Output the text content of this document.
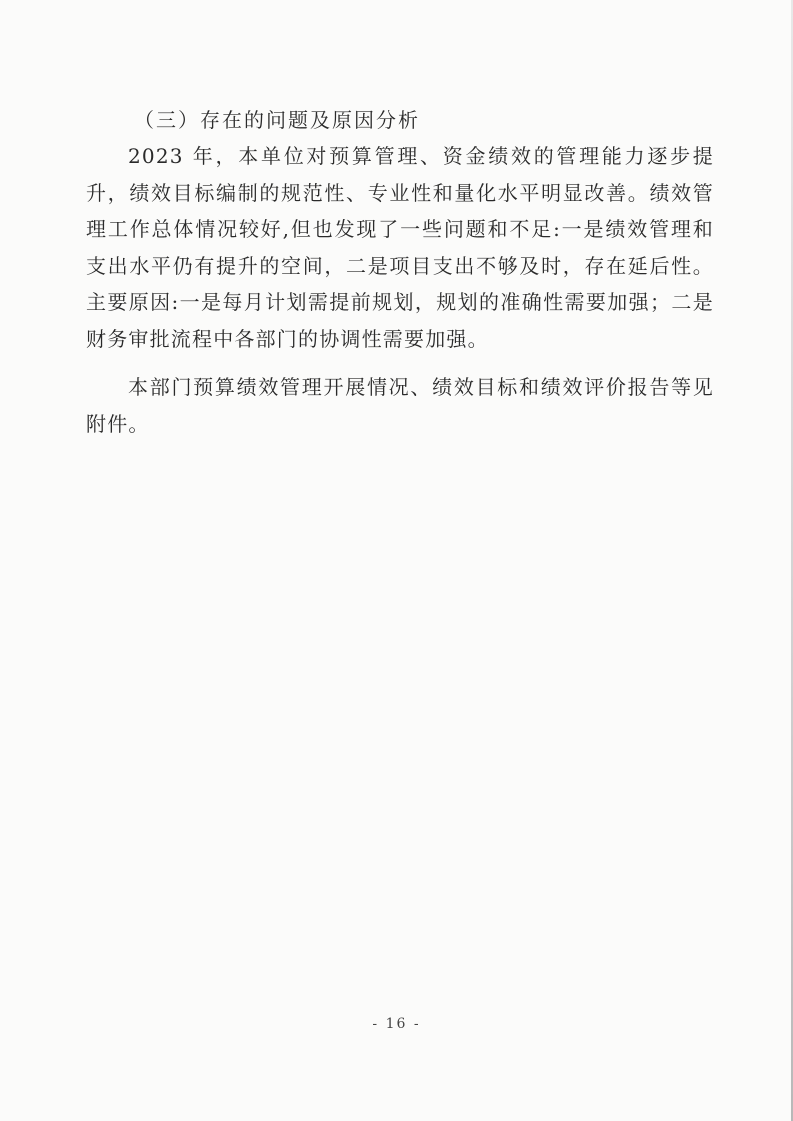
（三）存在的问题及原因分析

2023 年，本单位对预算管理、资金绩效的管理能力逐步提升，绩效目标编制的规范性、专业性和量化水平明显改善。绩效管理工作总体情况较好,但也发现了一些问题和不足:一是绩效管理和支出水平仍有提升的空间，二是项目支出不够及时，存在延后性。主要原因:一是每月计划需提前规划，规划的准确性需要加强；二是财务审批流程中各部门的协调性需要加强。

本部门预算绩效管理开展情况、绩效目标和绩效评价报告等见附件。

- 16 -
